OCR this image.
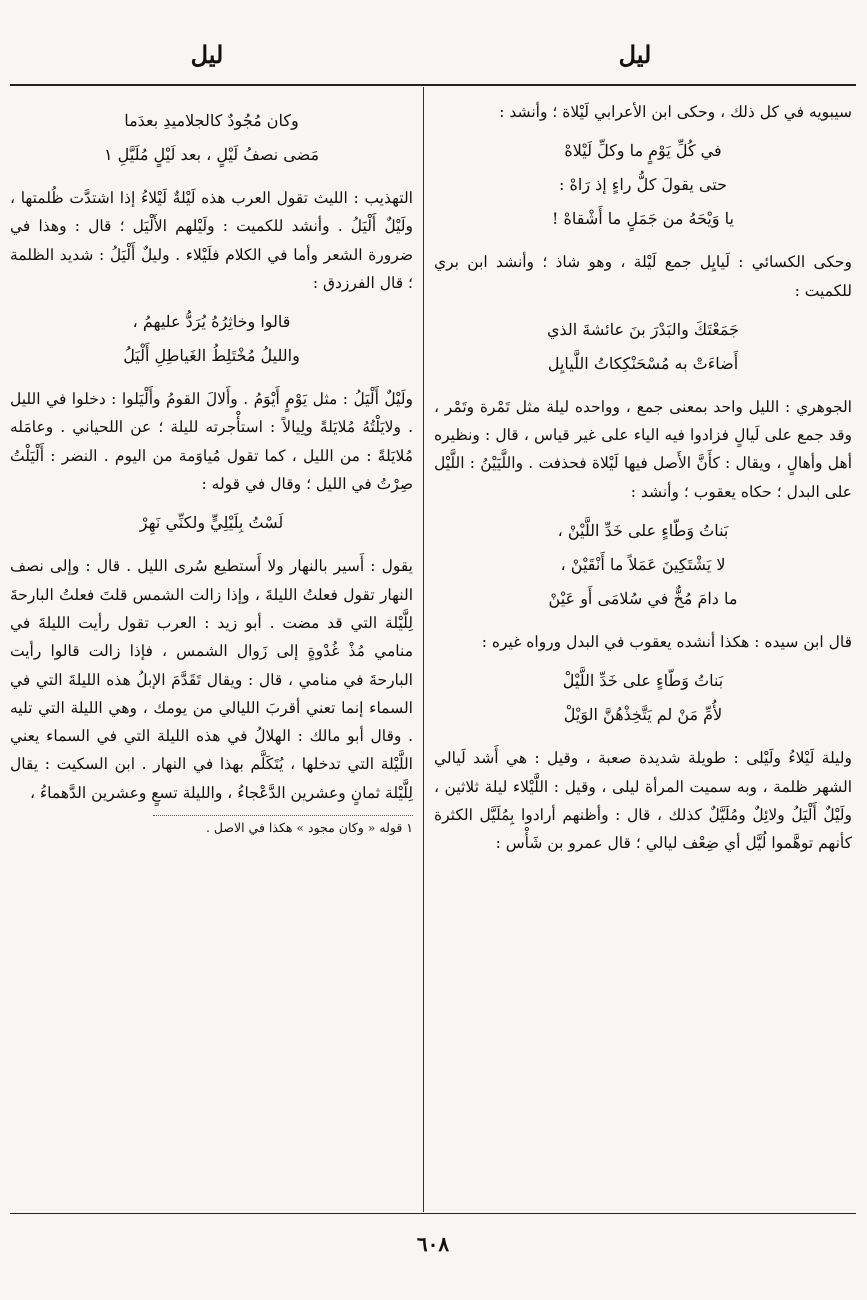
ليل
ليل

سيبويه في كل ذلك ، وحكى ابن الأعرابي لَيْلاة ؛ وأنشد :

في كُلِّ يَوْمٍ ما وكلِّ لَيْلاهْ
حتى يقولَ كلُّ راءٍ إذ رَاهْ :
يا وَيْحَهُ من جَمَلٍ ما أَشْقاهْ !

وحكى الكسائي : لَيايِل جمع لَيْلة ، وهو شاذ ؛ وأنشد ابن بري للكميت :

جَمَعْتَكَ والبَدْرَ بنَ عائشةَ الذي
أَضاءَتْ به مُسْحَنْكِكاتُ اللَّيايِل

الجوهري : الليل واحد بمعنى جمع ، وواحده ليلة مثل تَمْرة وتَمْر ، وقد جمع على لَيالٍ فزادوا فيه الياء على غير قياس ، قال : ونظيره أهل وأهالٍ ، ويقال : كأَنَّ الأَصل فيها لَيْلاة فحذفت . واللَّيَيْنُ : اللَّيْل على البدل ؛ حكاه يعقوب ؛ وأنشد :

بَناتُ وَطّاءٍ على خَدِّ اللَّيْنْ ،
لا يَشْتَكِينَ عَمَلاً ما أَنْقَيْنْ ،
ما دامَ مُخٌّ في سُلامَى أَو عَيْنْ

قال ابن سيده : هكذا أنشده يعقوب في البدل ورواه غيره :

بَناتُ وَطّاءٍ على خَدِّ اللَّيْلْ
لأُمِّ مَنْ لم يَتَّخِذْهُنَّ الوَيْلْ

وليلة لَيْلاءُ ولَيْلى : طويلة شديدة صعبة ، وقيل : هي أَشد لَيالي الشهر ظلمة ، وبه سميت المرأة ليلى ، وقيل : اللَّيْلاء ليلة ثلاثين ، ولَيْلٌ أَلْيَلُ ولائِلٌ ومُلَيَّلٌ كذلك ، قال : وأظنهم أرادوا بِمُلَيَّل الكثرة كأنهم توهَّموا لُيَّل أي ضِعْف ليالي ؛ قال عمرو بن شَأْس :

وكان مُجُودٌ كالجلاميدِ بعدَما
مَضى نصفُ لَيْلٍ ، بعد لَيْلٍ مُلَيَّلِ ١

التهذيب : الليث تقول العرب هذه لَيْلةٌ لَيْلاءُ إذا اشتدَّت ظُلمتها ، ولَيْلٌ أَلْيَلُ . وأنشد للكميت : ولَيْلهم الأَلْيَل ؛ قال : وهذا في ضرورة الشعر وأما في الكلام فلَيْلاء . وليلٌ أَلْيَلُ : شديد الظلمة ؛ قال الفرزدق :

قالوا وخاثِرُهُ يُرَدُّ عليهمُ ،
والليلُ مُخْتَلِطُ الغَياطِلِ أَلْيَلُ

ولَيْلٌ أَلْيَلُ : مثل يَوْمٍ أَيْوَمُ . وأَلالَ القومُ وأَلْيَلوا : دخلوا في الليل . ولايَلْتُهُ مُلايَلةً ولِيالاً : استأْجرته لليلة ؛ عن اللحياني . وعامَله مُلايَلةً : من الليل ، كما تقول مُياوَمة من اليوم . النضر : أَلْيَلْتُ صِرْتُ في الليل ؛ وقال في قوله :

لَسْتُ بِلَيْلِيٍّ ولكنِّي نَهِرْ

يقول : أَسير بالنهار ولا أَستطيع سُرى الليل . قال : وإلى نصف النهار تقول فعلتُ الليلةَ ، وإذا زالت الشمس قلتَ فعلتُ البارحةَ لِلَّيْلة التي قد مضت . أبو زيد : العرب تقول رأيت الليلةَ في منامي مُذْ غُدْوةٍ إلى زَوال الشمس ، فإذا زالت قالوا رأيت البارحةَ في منامي ، قال : ويقال تَقَدَّمَ الإبلُ هذه الليلةَ التي في السماء إنما تعني أقربَ الليالي من يومك ، وهي الليلة التي تليه . وقال أبو مالك : الهلالُ في هذه الليلة التي في السماء يعني اللَّيْلة التي تدخلها ، يُتَكَلَّم بهذا في النهار . ابن السكيت : يقال لِلَّيْلة ثمانٍ وعشرين الدَّعْجاءُ ، والليلة تسعٍ وعشرين الدَّهماءُ ،

١ قوله « وكان مجود » هكذا في الاصل .
٦٠٨
